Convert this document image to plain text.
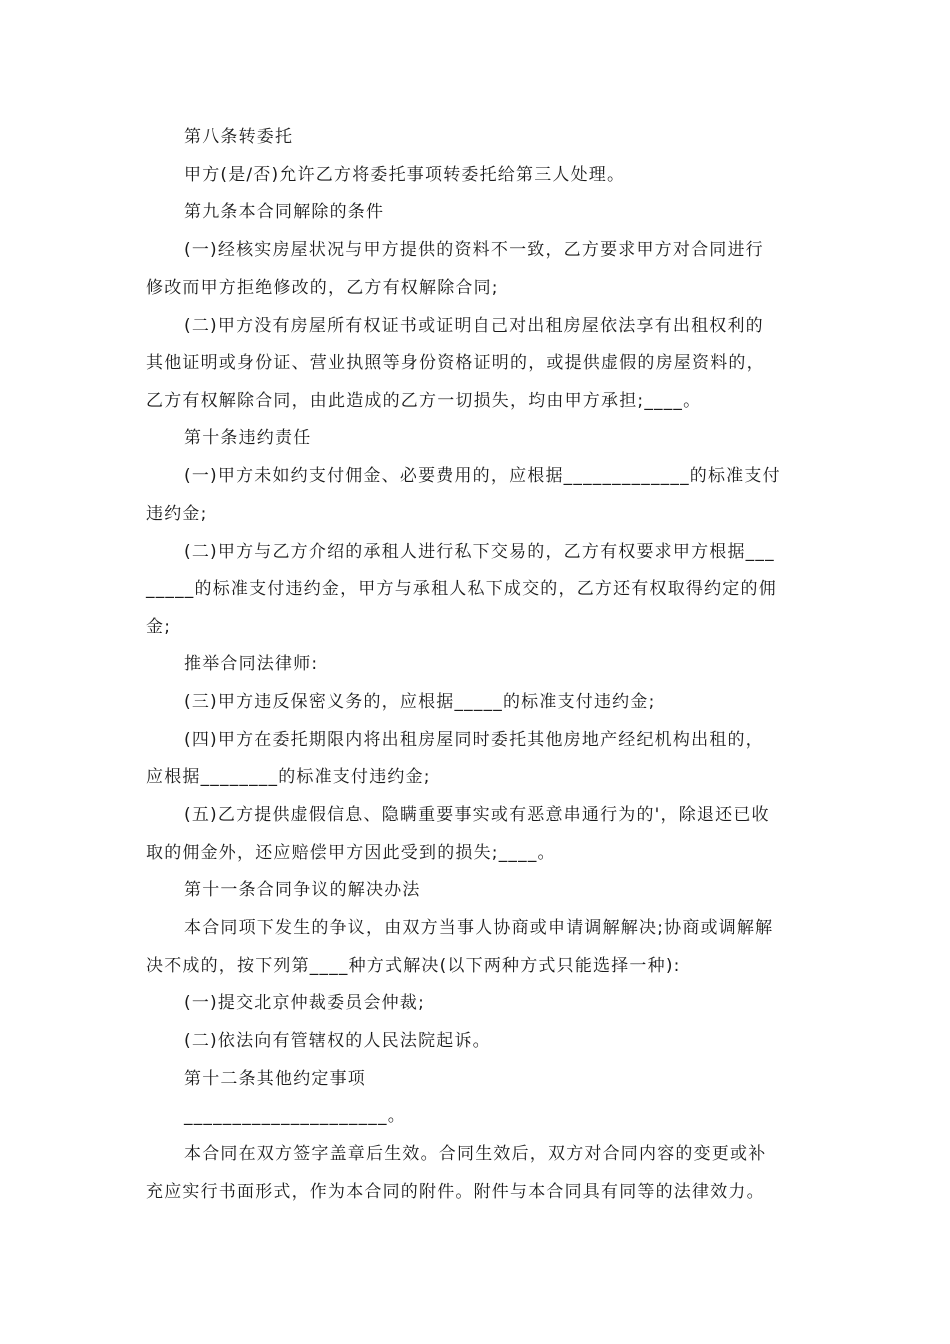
第八条转委托
甲方(是/否)允许乙方将委托事项转委托给第三人处理。
第九条本合同解除的条件
(一)经核实房屋状况与甲方提供的资料不一致，乙方要求甲方对合同进行
修改而甲方拒绝修改的，乙方有权解除合同;
(二)甲方没有房屋所有权证书或证明自己对出租房屋依法享有出租权利的
其他证明或身份证、营业执照等身份资格证明的，或提供虚假的房屋资料的，
乙方有权解除合同，由此造成的乙方一切损失，均由甲方承担;____。
第十条违约责任
(一)甲方未如约支付佣金、必要费用的，应根据_____________的标准支付
违约金;
(二)甲方与乙方介绍的承租人进行私下交易的，乙方有权要求甲方根据___
_____的标准支付违约金，甲方与承租人私下成交的，乙方还有权取得约定的佣
金;
推举合同法律师:
(三)甲方违反保密义务的，应根据_____的标准支付违约金;
(四)甲方在委托期限内将出租房屋同时委托其他房地产经纪机构出租的，
应根据________的标准支付违约金;
(五)乙方提供虚假信息、隐瞒重要事实或有恶意串通行为的'，除退还已收
取的佣金外，还应赔偿甲方因此受到的损失;____。
第十一条合同争议的解决办法
本合同项下发生的争议，由双方当事人协商或申请调解解决;协商或调解解
决不成的，按下列第____种方式解决(以下两种方式只能选择一种):
(一)提交北京仲裁委员会仲裁;
(二)依法向有管辖权的人民法院起诉。
第十二条其他约定事项
_____________________。
本合同在双方签字盖章后生效。合同生效后，双方对合同内容的变更或补
充应实行书面形式，作为本合同的附件。附件与本合同具有同等的法律效力。
